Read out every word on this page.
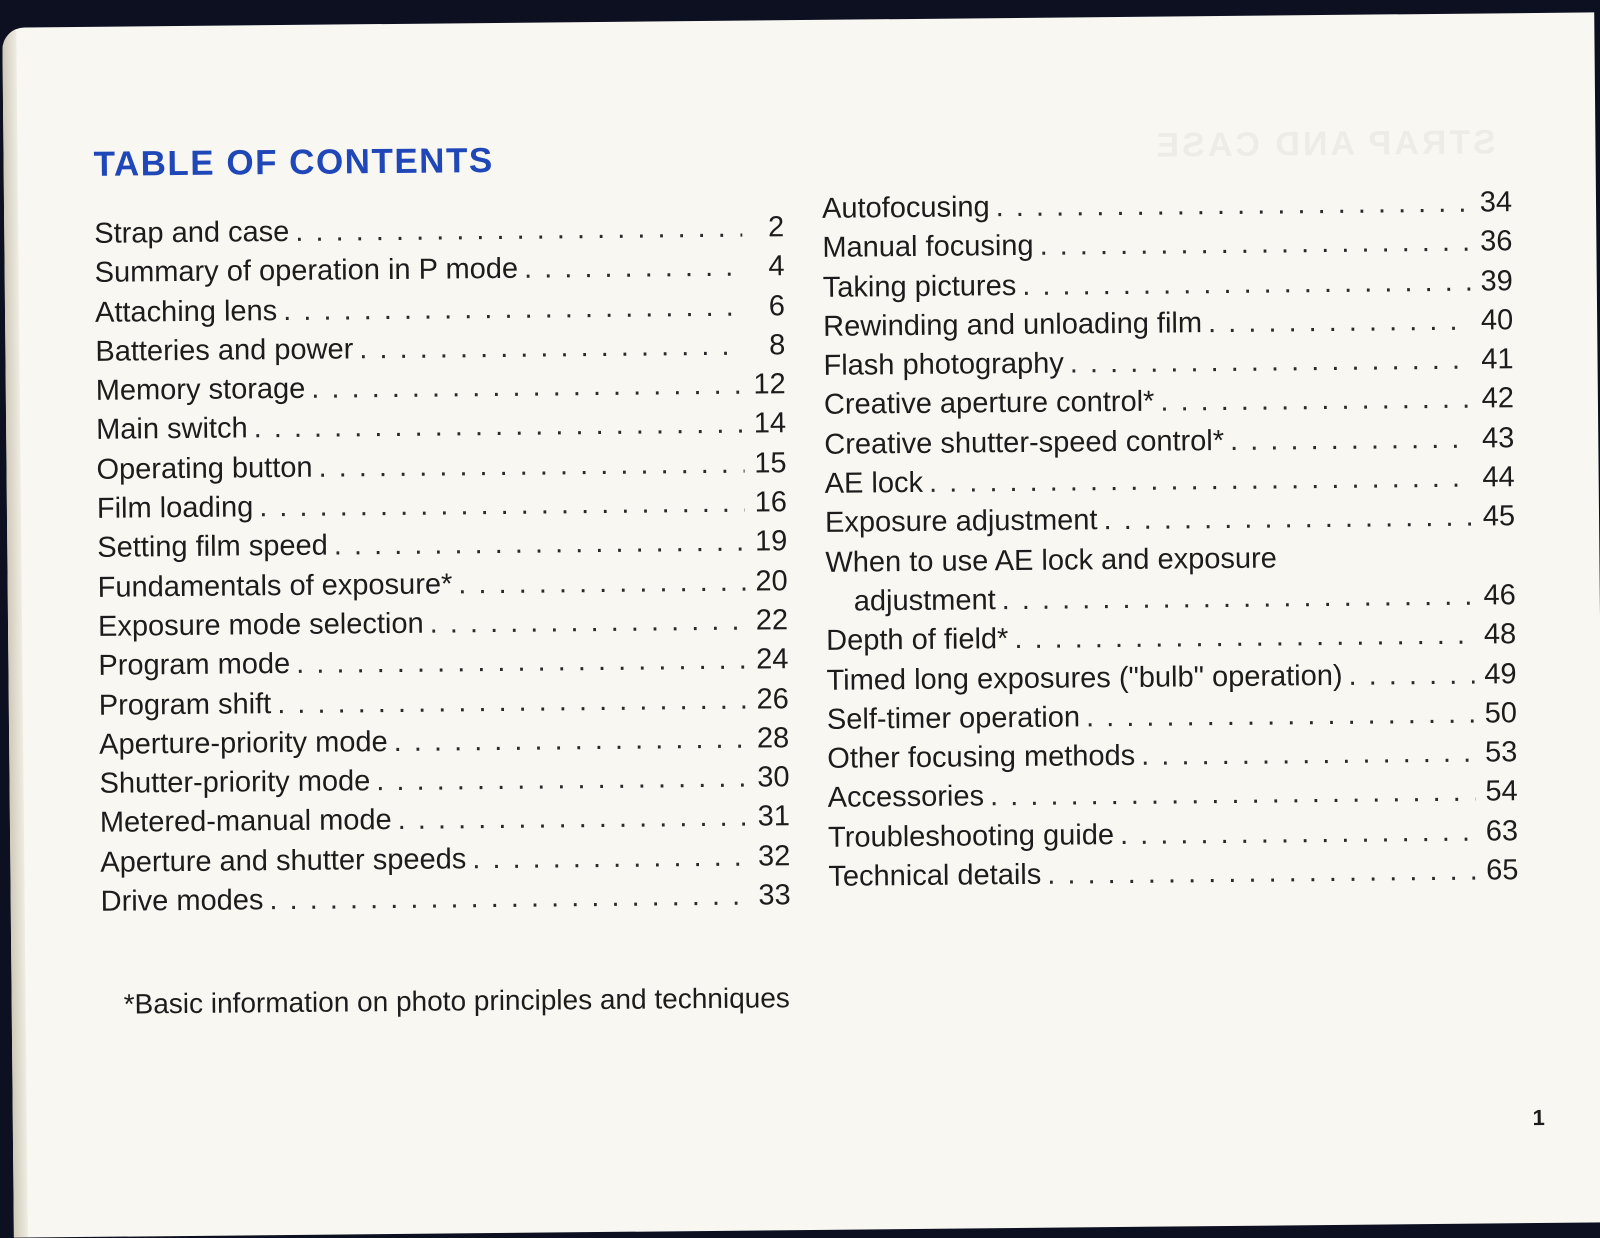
TABLE OF CONTENTS
Strap and case . . .	2
Summary of operation in P mode . . .	4
Attaching lens . . .	6
Batteries and power . . .	8
Memory storage . . .	12
Main switch . . .	14
Operating button . . .	15
Film loading . . .	16
Setting film speed . . .	19
Fundamentals of exposure* . . .	20
Exposure mode selection . . .	22
Program mode . . .	24
Program shift . . .	26
Aperture-priority mode . . .	28
Shutter-priority mode . . .	30
Metered-manual mode . . .	31
Aperture and shutter speeds . . .	32
Drive modes . . .	33
Autofocusing . . .	34
Manual focusing . . .	36
Taking pictures . . .	39
Rewinding and unloading film . . .	40
Flash photography . . .	41
Creative aperture control* . . .	42
Creative shutter-speed control* . . .	43
AE lock . . .	44
Exposure adjustment . . .	45
When to use AE lock and exposure
adjustment . . .	46
Depth of field* . . .	48
Timed long exposures ("bulb" operation) . . .	49
Self-timer operation . . .	50
Other focusing methods . . .	53
Accessories . . .	54
Troubleshooting guide . . .	63
Technical details . . .	65
*Basic information on photo principles and techniques
1
